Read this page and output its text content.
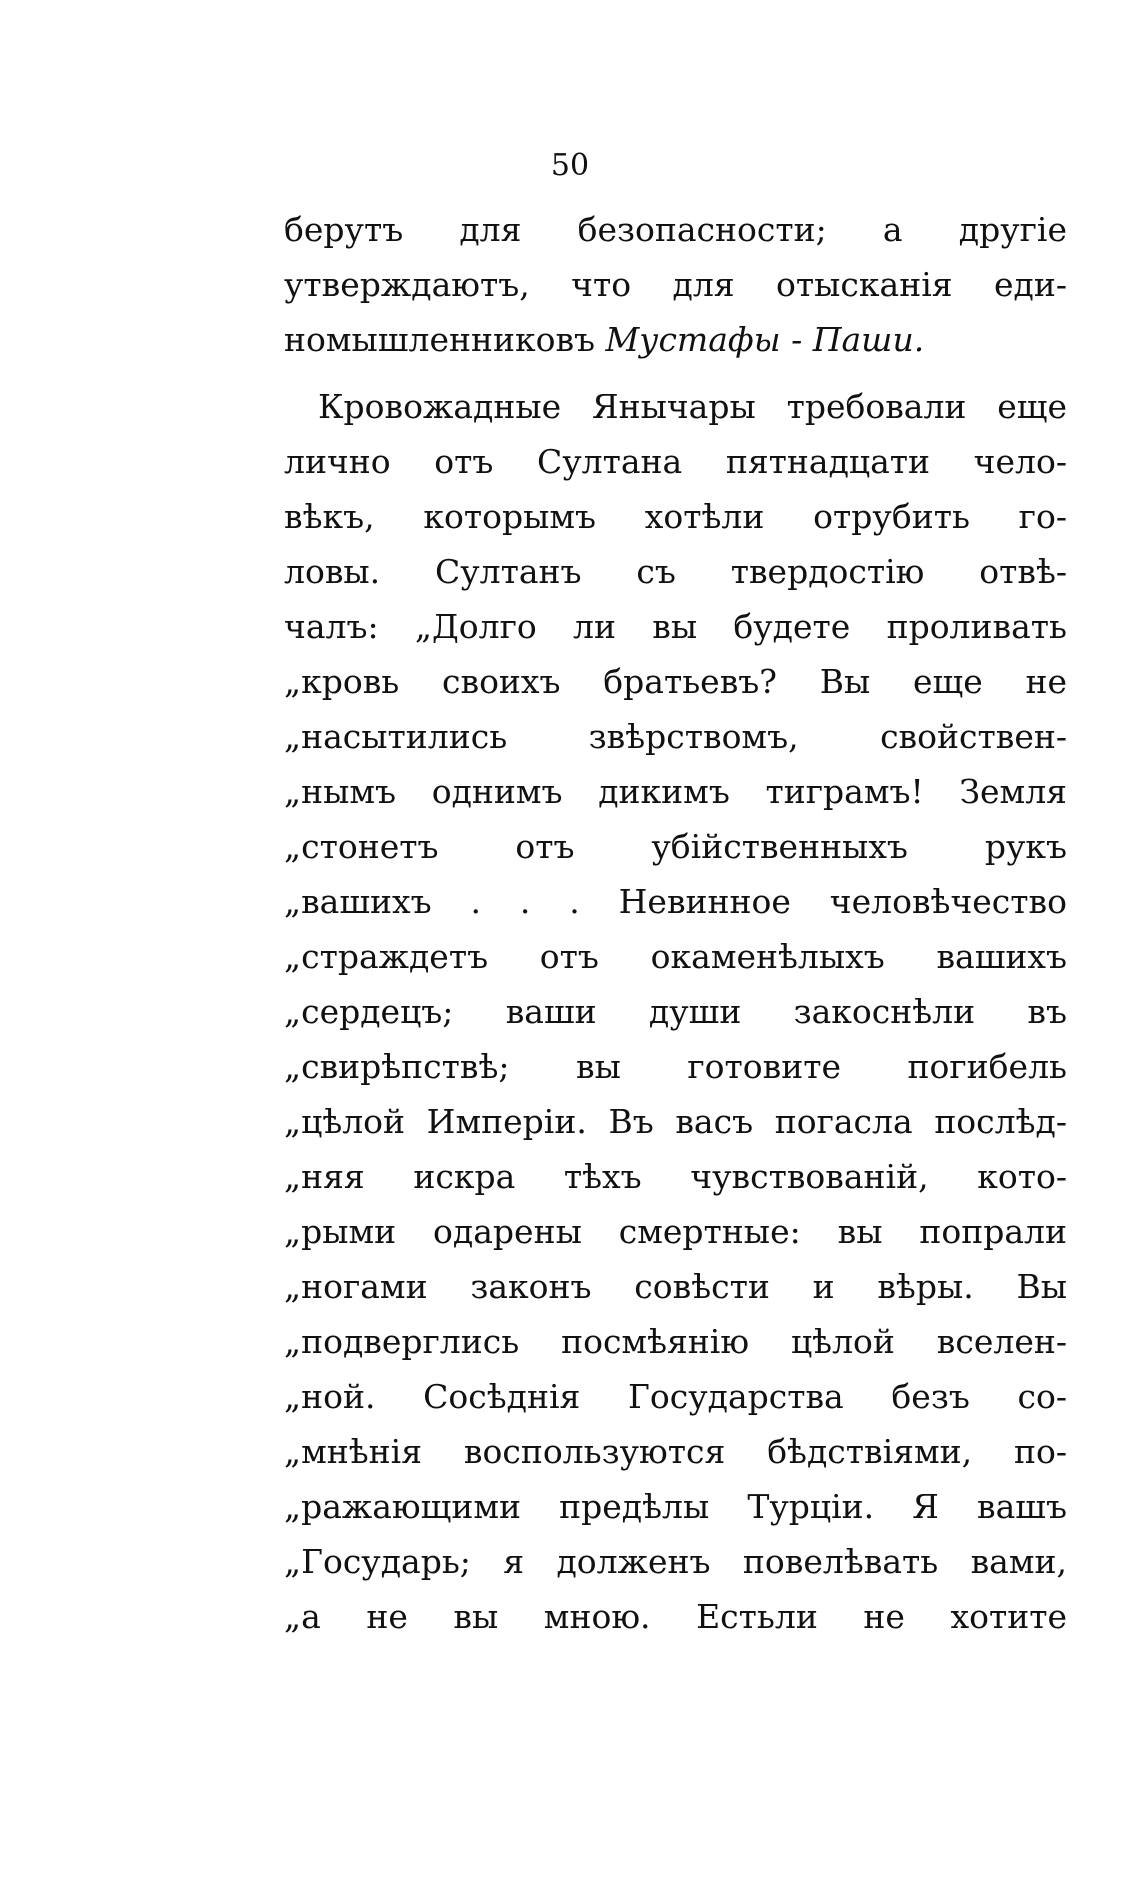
50
берутъ для безопасности; а другіе
утверждаютъ, что для отысканія еди-
номышленниковъ Мустафы - Паши.
Кровожадные Янычары требовали еще
лично отъ Султана пятнадцати чело-
вѣкъ, которымъ хотѣли отрубить го-
ловы. Султанъ съ твердостію отвѣ-
чалъ: „Долго ли вы будете проливать
„кровь своихъ братьевъ? Вы еще не
„насытились звѣрствомъ, свойствен-
„нымъ однимъ дикимъ тиграмъ! Земля
„стонетъ отъ убійственныхъ рукъ
„вашихъ . . . Невинное человѣчество
„страждетъ отъ окаменѣлыхъ вашихъ
„сердецъ; ваши души закоснѣли въ
„свирѣпствѣ; вы готовите погибель
„цѣлой Имперіи. Въ васъ погасла послѣд-
„няя искра тѣхъ чувствованій, кото-
„рыми одарены смертные: вы попрали
„ногами законъ совѣсти и вѣры. Вы
„подверглись посмѣянію цѣлой вселен-
„ной. Сосѣднія Государства безъ со-
„мнѣнія воспользуются бѣдствіями, по-
„ражающими предѣлы Турціи. Я вашъ
„Государь; я долженъ повелѣвать вами,
„а не вы мною. Естьли не хотите
